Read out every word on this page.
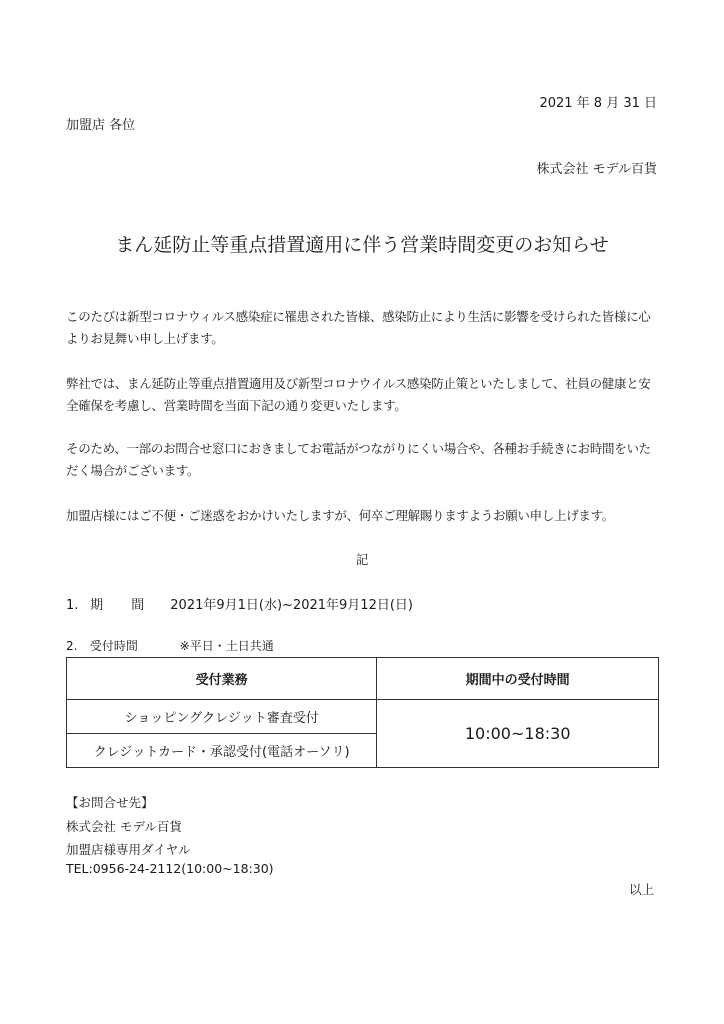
2021 年 8 月 31 日
加盟店 各位
株式会社 モデル百貨
まん延防止等重点措置適用に伴う営業時間変更のお知らせ
このたびは新型コロナウィルス感染症に罹患された皆様、感染防止により生活に影響を受けられた皆様に心よりお見舞い申し上げます。
弊社では、まん延防止等重点措置適用及び新型コロナウイルス感染防止策といたしまして、社員の健康と安全確保を考慮し、営業時間を当面下記の通り変更いたします。
そのため、一部のお問合せ窓口におきましてお電話がつながりにくい場合や、各種お手続きにお時間をいただく場合がございます。
加盟店様にはご不便・ご迷惑をおかけいたしますが、何卒ご理解賜りますようお願い申し上げます。
記
1. 期 間 2021年9月1日(水)~2021年9月12日(日)
2. 受付時間	※平日・土日共通
受付業務	期間中の受付時間
ショッピングクレジット審査受付	10:00~18:30
クレジットカード・承認受付(電話オーソリ)	
【お問合せ先】
株式会社 モデル百貨
加盟店様専用ダイヤル
TEL:0956-24-2112(10:00~18:30)
以上
